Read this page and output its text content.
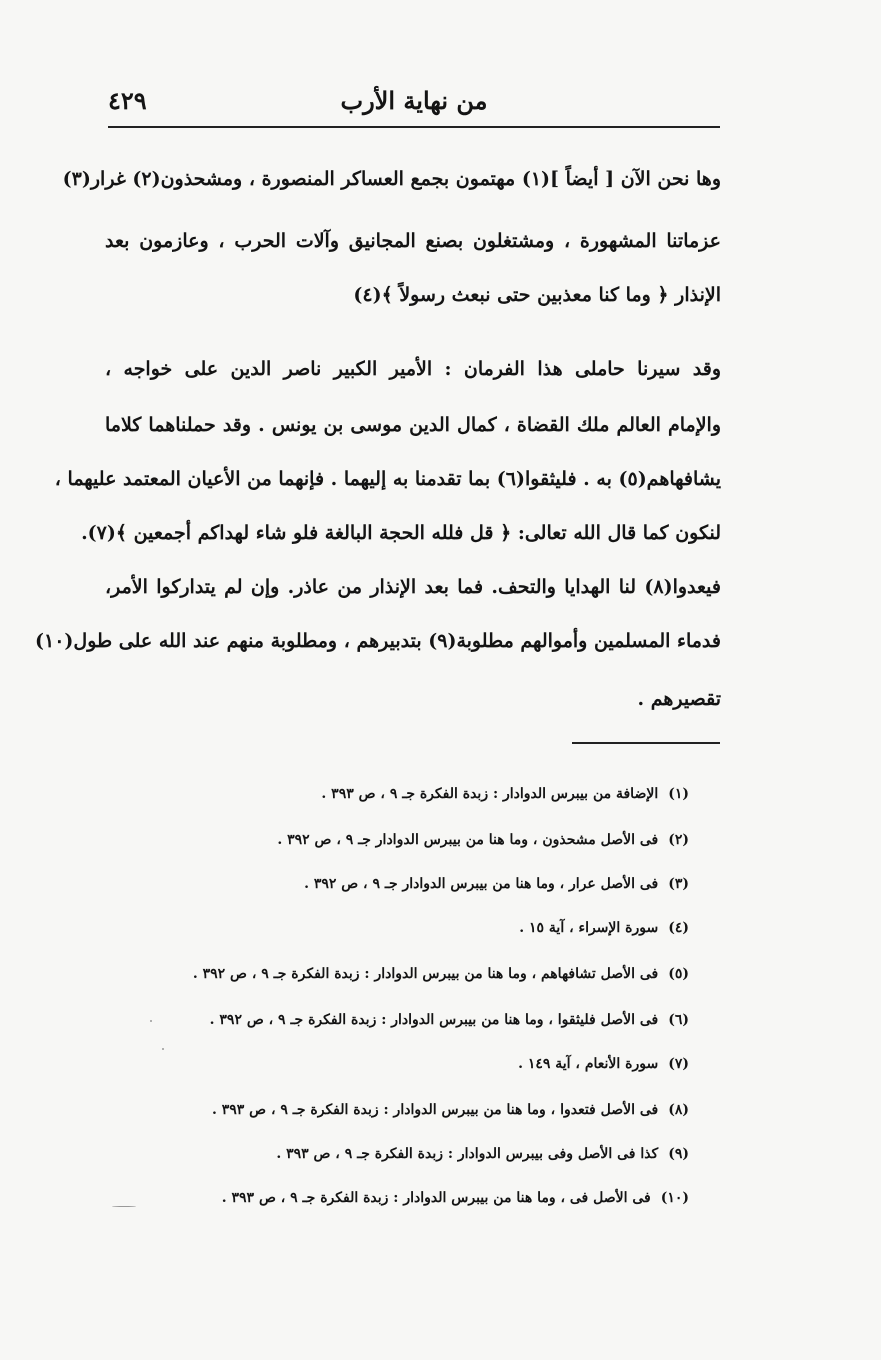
٤٢٩	من نهاية الأرب
وها نحن الآن [ أيضاً ](١) مهتمون بجمع العساكر المنصورة ، ومشحذون(٢) غرار(٣)
عزماتنا المشهورة ، ومشتغلون بصنع المجانيق وآلات الحرب ، وعازمون بعد
الإنذار ﴿ وما كنا معذبين حتى نبعث رسولاً ﴾(٤)
وقد سيرنا حاملى هذا الفرمان : الأمير الكبير ناصر الدين على خواجه ،
والإمام العالم ملك القضاة ، كمال الدين موسى بن يونس . وقد حملناهما كلاما
يشافهاهم(٥) به . فليثقوا(٦) بما تقدمنا به إليهما . فإنهما من الأعيان المعتمد عليهما ،
لنكون كما قال الله تعالى: ﴿ قل فلله الحجة البالغة فلو شاء لهداكم أجمعين ﴾(٧).
فيعدوا(٨) لنا الهدايا والتحف. فما بعد الإنذار من عاذر. وإن لم يتداركوا الأمر،
فدماء المسلمين وأموالهم مطلوبة(٩) بتدبيرهم ، ومطلوبة منهم عند الله على طول(١٠)
تقصيرهم .
(١)الإضافة من بيبرس الدوادار : زبدة الفكرة جـ ٩ ، ص ٣٩٣ .
(٢)فى الأصل مشحذون ، وما هنا من بيبرس الدوادار جـ ٩ ، ص ٣٩٢ .
(٣)فى الأصل عرار ، وما هنا من بيبرس الدوادار جـ ٩ ، ص ٣٩٢ .
(٤)سورة الإسراء ، آية ١٥ .
(٥)فى الأصل تشافهاهم ، وما هنا من بيبرس الدوادار : زبدة الفكرة جـ ٩ ، ص ٣٩٢ .
(٦)فى الأصل فليثقوا ، وما هنا من بيبرس الدوادار : زبدة الفكرة جـ ٩ ، ص ٣٩٢ .
(٧)سورة الأنعام ، آية ١٤٩ .
(٨)فى الأصل فتعدوا ، وما هنا من بيبرس الدوادار : زبدة الفكرة جـ ٩ ، ص ٣٩٣ .
(٩)كذا فى الأصل وفى بيبرس الدوادار : زبدة الفكرة جـ ٩ ، ص ٣٩٣ .
(١٠)فى الأصل فى ، وما هنا من بيبرس الدوادار : زبدة الفكرة جـ ٩ ، ص ٣٩٣ .
